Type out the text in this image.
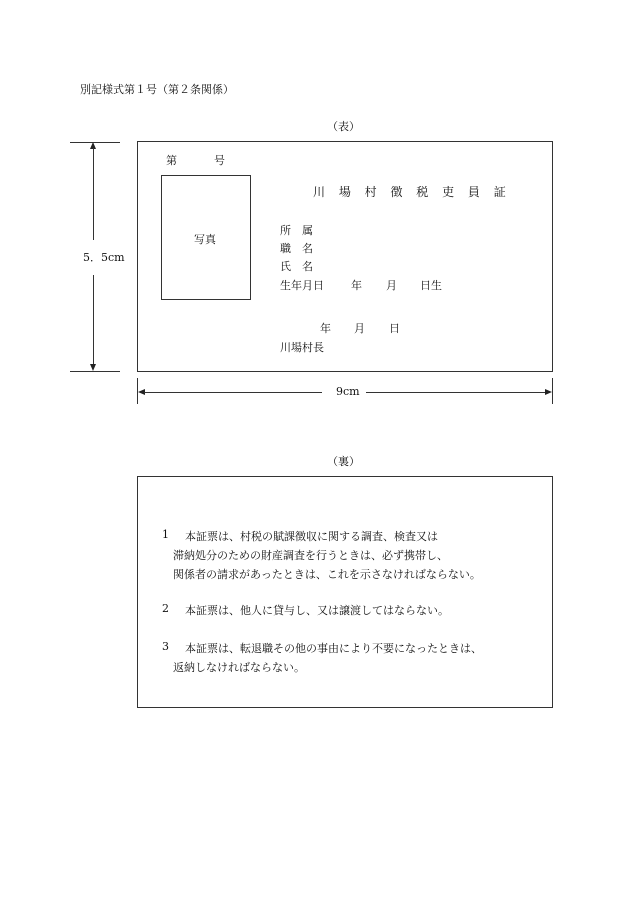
別記様式第１号（第２条関係）
（表）
5．5cm
第	号
写真
川 場 村 徴 税 吏 員 証
所　属
職　名
氏　名
生年月日 年 月 日生
年 月 日
川場村長
9cm
（裏）
1 本証票は、村税の賦課徴収に関する調査、検査又は
滞納処分のための財産調査を行うときは、必ず携帯し、
関係者の請求があったときは、これを示さなければならない。
2 本証票は、他人に貸与し、又は譲渡してはならない。
3 本証票は、転退職その他の事由により不要になったときは、
返納しなければならない。
